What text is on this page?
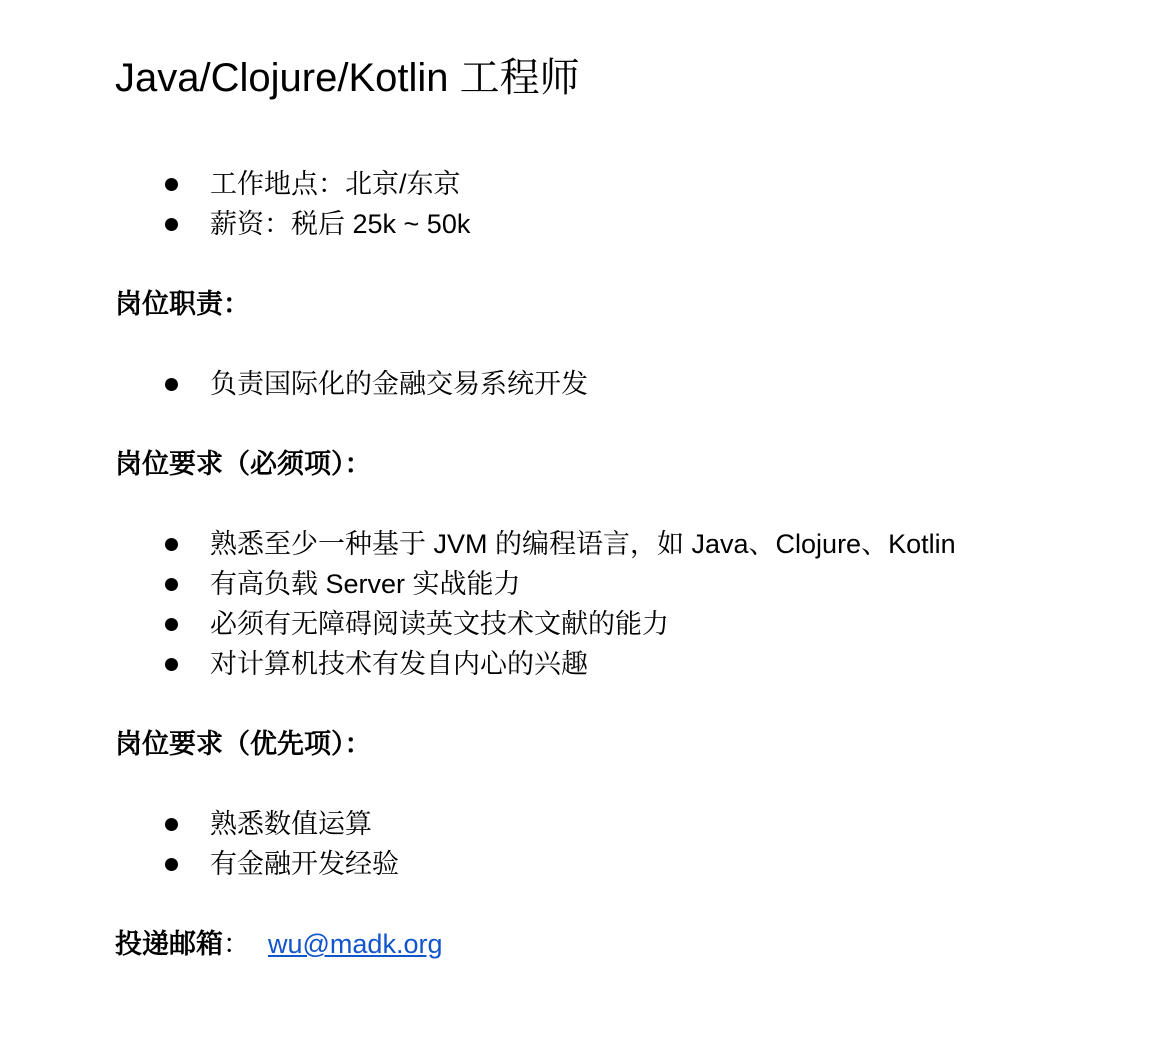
Java/Clojure/Kotlin 工程师
工作地点：北京/东京
薪资：税后 25k ~ 50k
岗位职责：
负责国际化的金融交易系统开发
岗位要求（必须项）：
熟悉至少一种基于 JVM 的编程语言，如 Java、Clojure、Kotlin
有高负载 Server 实战能力
必须有无障碍阅读英文技术文献的能力
对计算机技术有发自内心的兴趣
岗位要求（优先项）：
熟悉数值运算
有金融开发经验
投递邮箱： wu@madk.org
